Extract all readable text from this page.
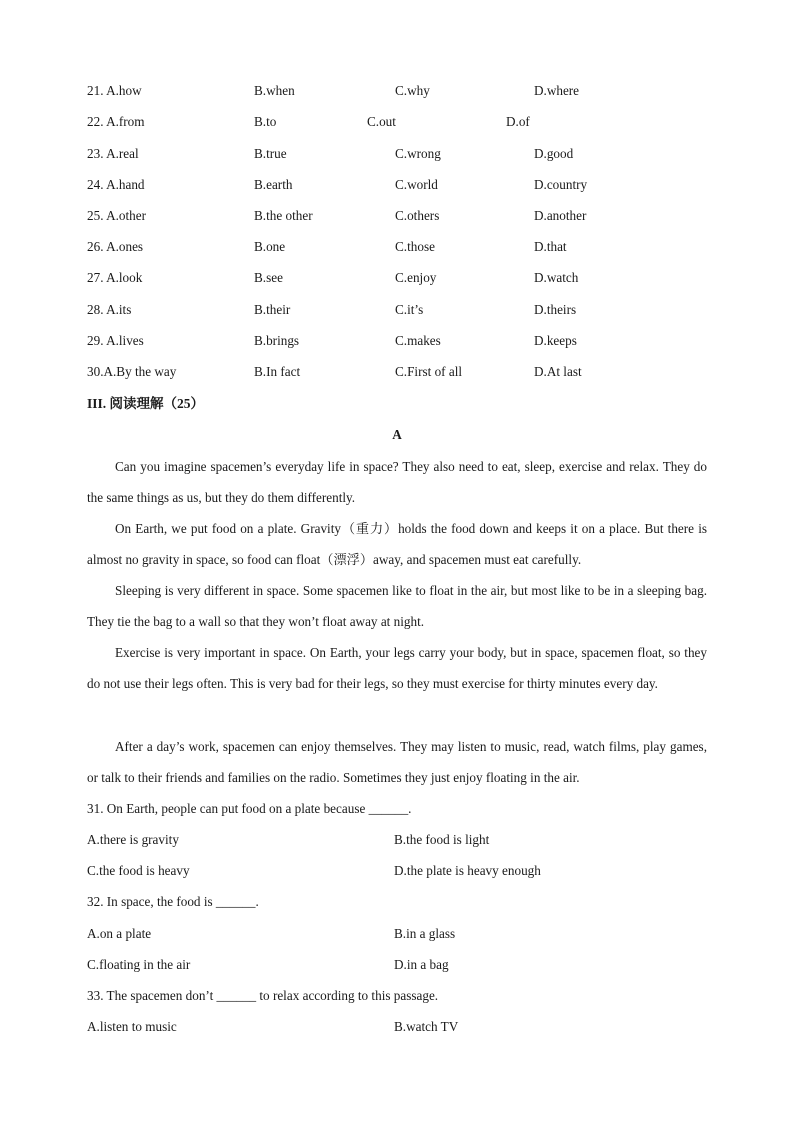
21. A.how	B.when	C.why	D.where
22. A.from	B.to	C.out	D.of
23. A.real	B.true	C.wrong	D.good
24. A.hand	B.earth	C.world	D.country
25. A.other	B.the other	C.others	D.another
26. A.ones	B.one	C.those	D.that
27. A.look	B.see	C.enjoy	D.watch
28. A.its	B.their	C.it’s	D.theirs
29. A.lives	B.brings	C.makes	D.keeps
30.A.By the way	B.In fact	C.First of all	D.At last
III. 阅读理解（25）
A

Can you imagine spacemen’s everyday life in space? They also need to eat, sleep, exercise and relax. They do the same things as us, but they do them differently.

On Earth, we put food on a plate. Gravity（重力）holds the food down and keeps it on a place. But there is almost no gravity in space, so food can float（漂浮）away, and spacemen must eat carefully.

Sleeping is very different in space. Some spacemen like to float in the air, but most like to be in a sleeping bag. They tie the bag to a wall so that they won’t float away at night.

Exercise is very important in space. On Earth, your legs carry your body, but in space, spacemen float, so they do not use their legs often. This is very bad for their legs, so they must exercise for thirty minutes every day.

After a day’s work, spacemen can enjoy themselves. They may listen to music, read, watch films, play games, or talk to their friends and families on the radio. Sometimes they just enjoy floating in the air.

31. On Earth, people can put food on a plate because ______.
A.there is gravity	B.the food is light
C.the food is heavy	D.the plate is heavy enough
32. In space, the food is ______.
A.on a plate	B.in a glass
C.floating in the air	D.in a bag
33. The spacemen don’t ______ to relax according to this passage.
A.listen to music	B.watch TV
